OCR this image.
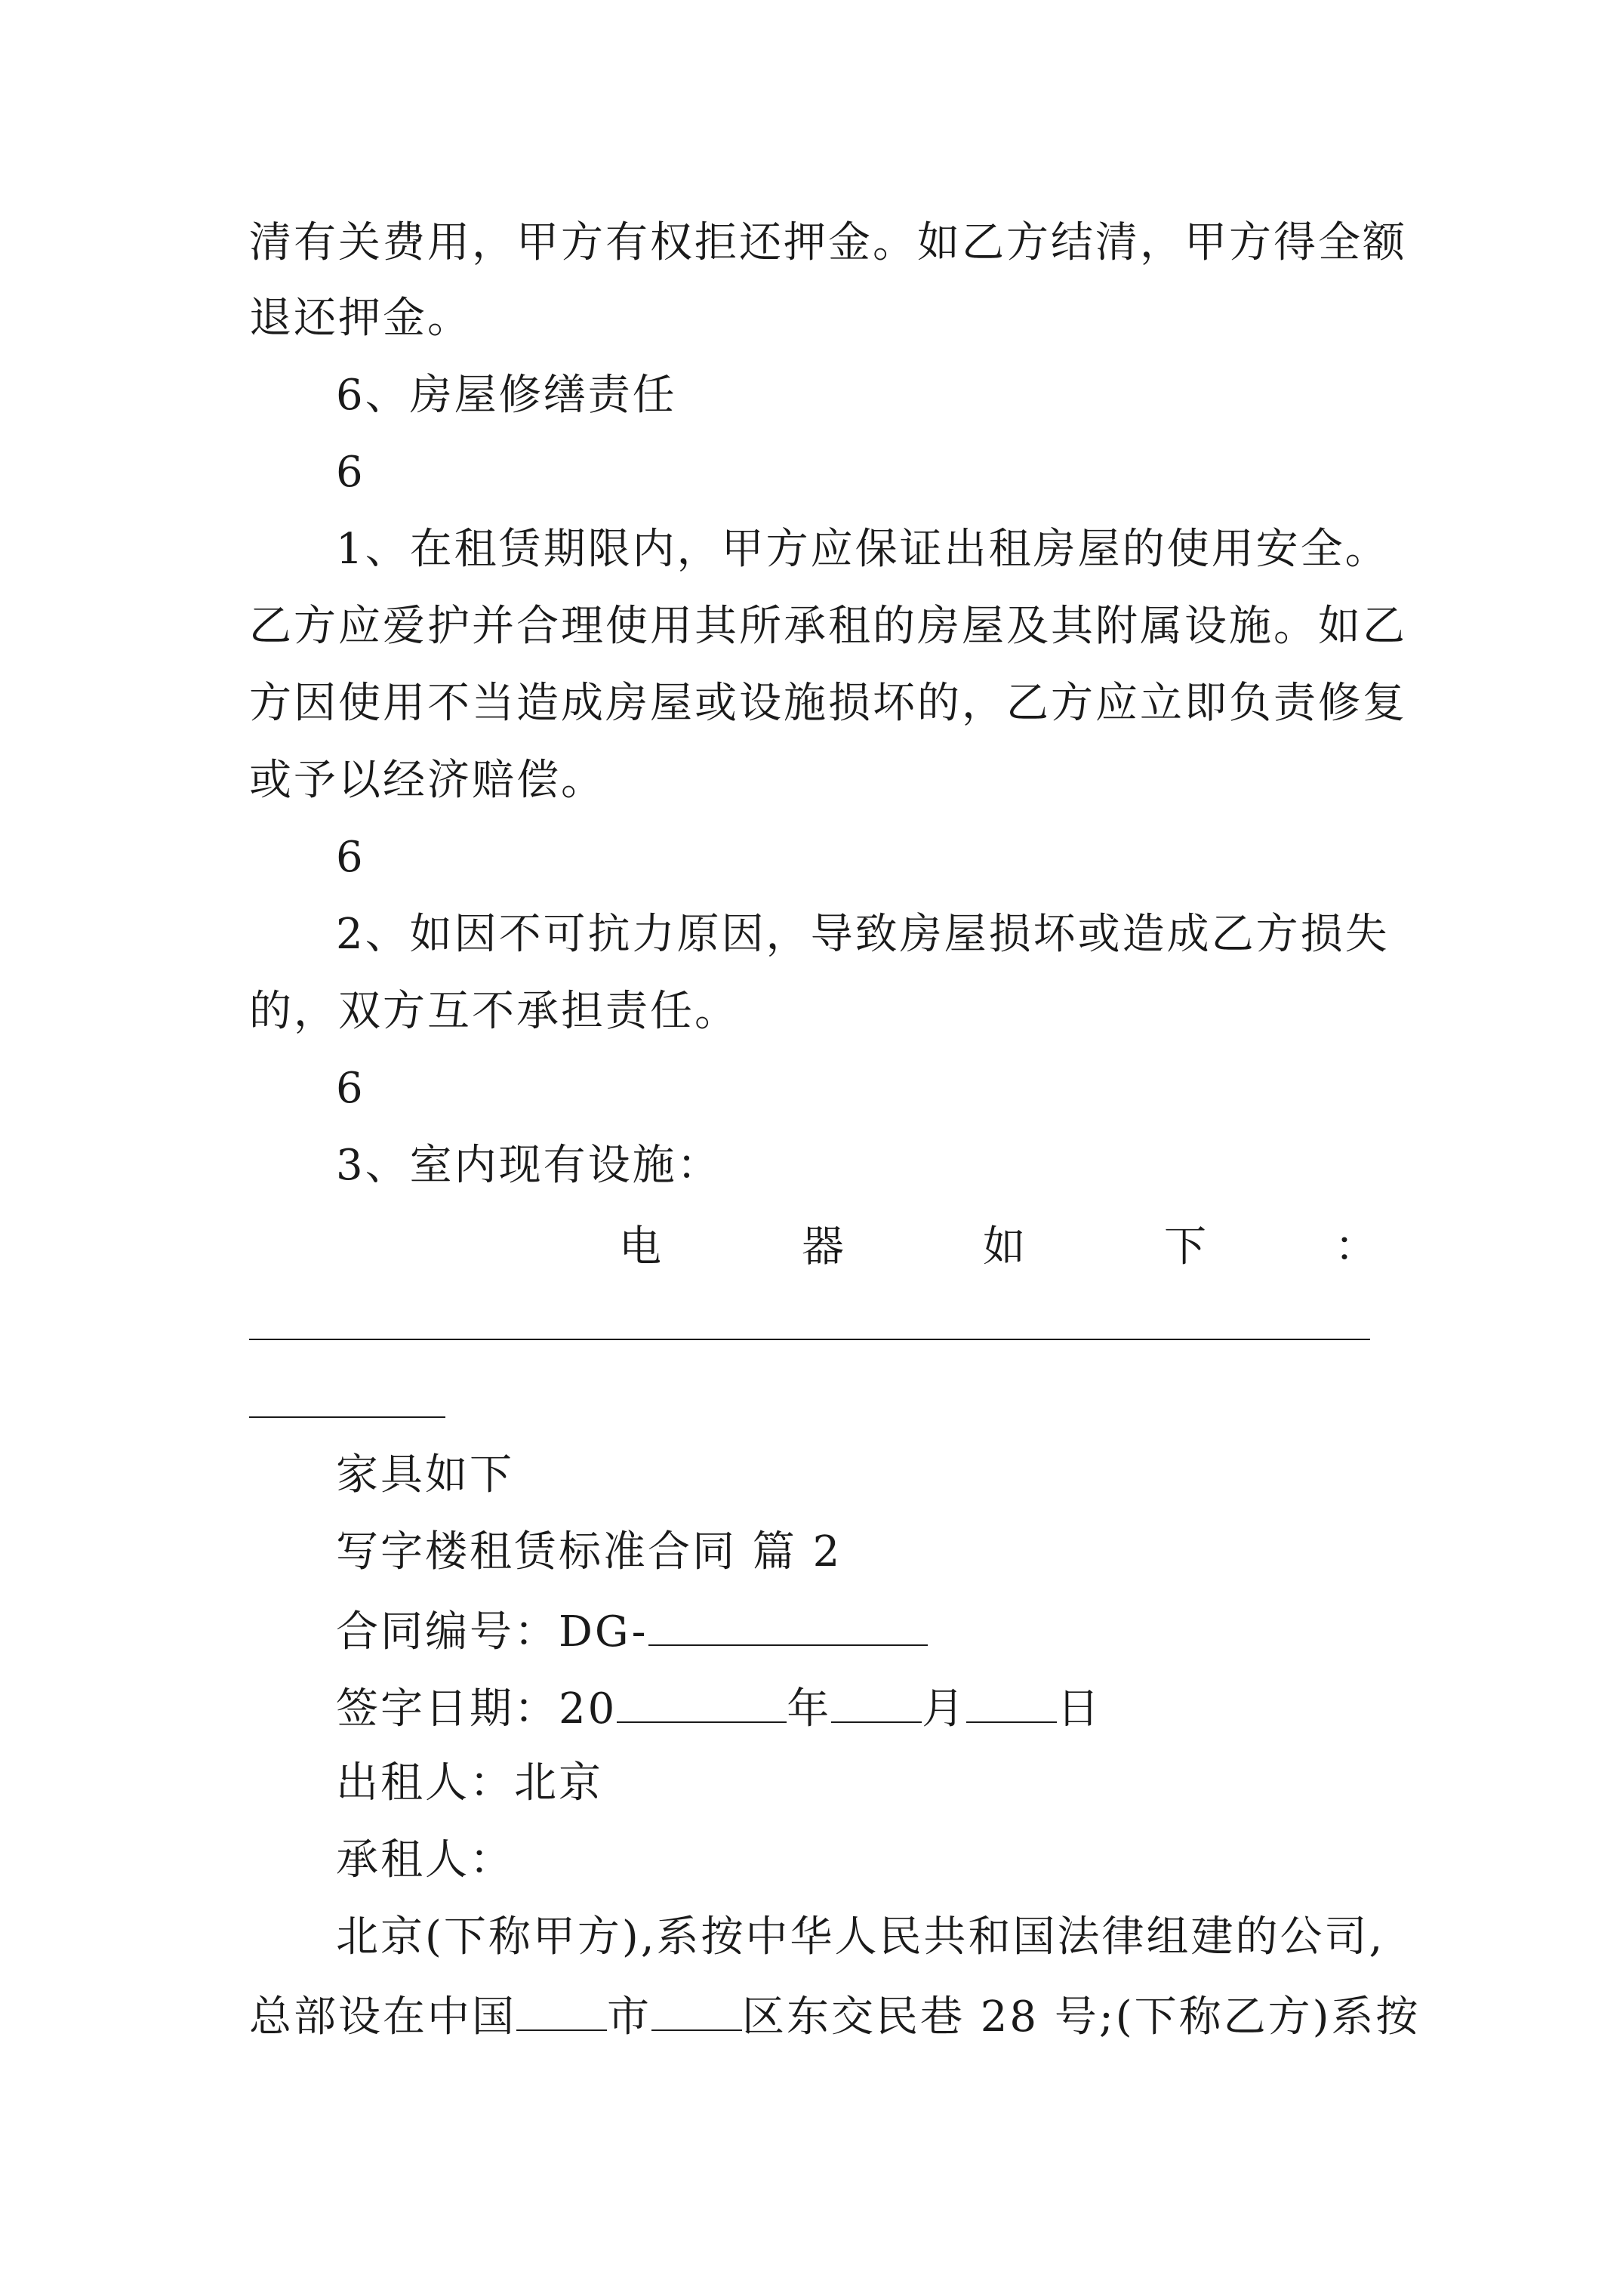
清有关费用，甲方有权拒还押金。如乙方结清，甲方得全额
退还押金。
6、房屋修缮责任
6
1、在租赁期限内，甲方应保证出租房屋的使用安全。
乙方应爱护并合理使用其所承租的房屋及其附属设施。如乙
方因使用不当造成房屋或设施损坏的，乙方应立即负责修复
或予以经济赔偿。
6
2、如因不可抗力原因，导致房屋损坏或造成乙方损失
的，双方互不承担责任。
6
3、室内现有设施：
电	器	如	下	：
家具如下
写字楼租赁标准合同 篇 2
合同编号：DG-
签字日期：20	年 月 日
出租人：北京
承租人：
北京(下称甲方),系按中华人民共和国法律组建的公司,
总部设在中国 市 区东交民巷 28 号;(下称乙方)系按
